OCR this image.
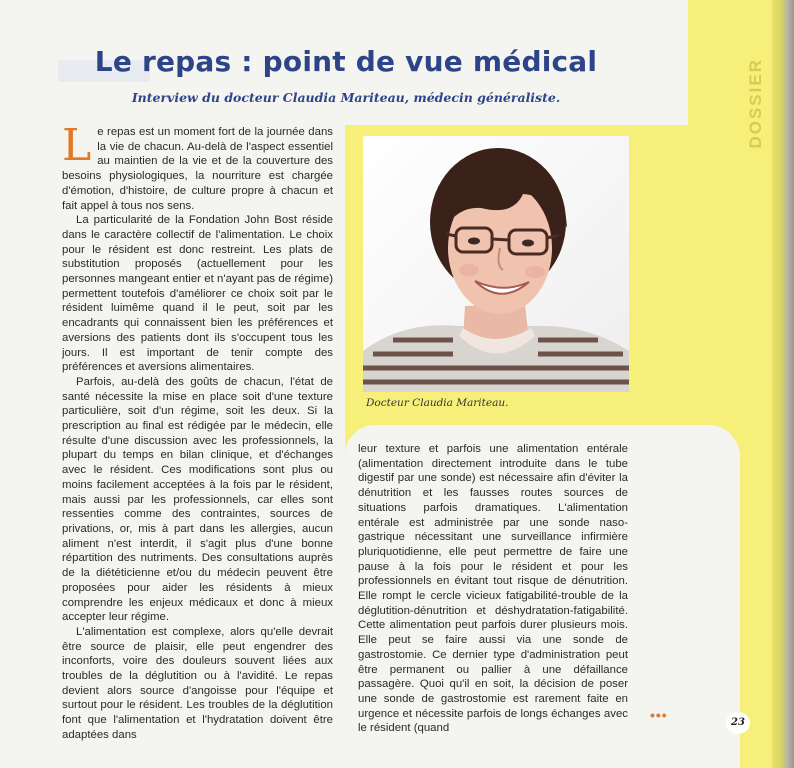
DOSSIER
Le repas : point de vue médical
Interview du docteur Claudia Mariteau, médecin généraliste.
Docteur Claudia Mariteau.

Le repas est un moment fort de la journée dans la vie de chacun. Au-delà de l'aspect essentiel au maintien de la vie et de la couverture des besoins physiologiques, la nourriture est chargée d'émotion, d'histoire, de culture propre à chacun et fait appel à tous nos sens.

La particularité de la Fondation John Bost réside dans le caractère collectif de l'alimentation. Le choix pour le résident est donc restreint. Les plats de substitution proposés (actuellement pour les personnes mangeant entier et n'ayant pas de régime) permettent toutefois d'améliorer ce choix soit par le résident luimême quand il le peut, soit par les encadrants qui connaissent bien les préférences et aversions des patients dont ils s'occupent tous les jours. Il est important de tenir compte des préférences et aversions alimentaires.

Parfois, au-delà des goûts de chacun, l'état de santé nécessite la mise en place soit d'une texture particulière, soit d'un régime, soit les deux. Si la prescription au final est rédigée par le médecin, elle résulte d'une discussion avec les professionnels, la plupart du temps en bilan clinique, et d'échanges avec le résident. Ces modifications sont plus ou moins facilement acceptées à la fois par le résident, mais aussi par les professionnels, car elles sont ressenties comme des contraintes, sources de privations, or, mis à part dans les allergies, aucun aliment n'est interdit, il s'agit plus d'une bonne répartition des nutriments. Des consultations auprès de la diététicienne et/ou du médecin peuvent être proposées pour aider les résidents à mieux comprendre les enjeux médicaux et donc à mieux accepter leur régime.

L'alimentation est complexe, alors qu'elle devrait être source de plaisir, elle peut engendrer des inconforts, voire des douleurs souvent liées aux troubles de la déglutition ou à l'avidité. Le repas devient alors source d'angoisse pour l'équipe et surtout pour le résident. Les troubles de la déglutition font que l'alimentation et l'hydratation doivent être adaptées dans

leur texture et parfois une alimentation entérale (alimentation directement introduite dans le tube digestif par une sonde) est nécessaire afin d'éviter la dénutrition et les fausses routes sources de situations parfois dramatiques. L'alimentation entérale est administrée par une sonde naso-gastrique nécessitant une surveillance infirmière pluriquotidienne, elle peut permettre de faire une pause à la fois pour le résident et pour les professionnels en évitant tout risque de dénutrition. Elle rompt le cercle vicieux fatigabilité-trouble de la déglutition-dénutrition et déshydratation-fatigabilité. Cette alimentation peut parfois durer plusieurs mois. Elle peut se faire aussi via une sonde de gastrostomie. Ce dernier type d'administration peut être permanent ou pallier à une défaillance passagère. Quoi qu'il en soit, la décision de poser une sonde de gastrostomie est rarement faite en urgence et nécessite parfois de longs échanges avec le résident (quand

•••	23
